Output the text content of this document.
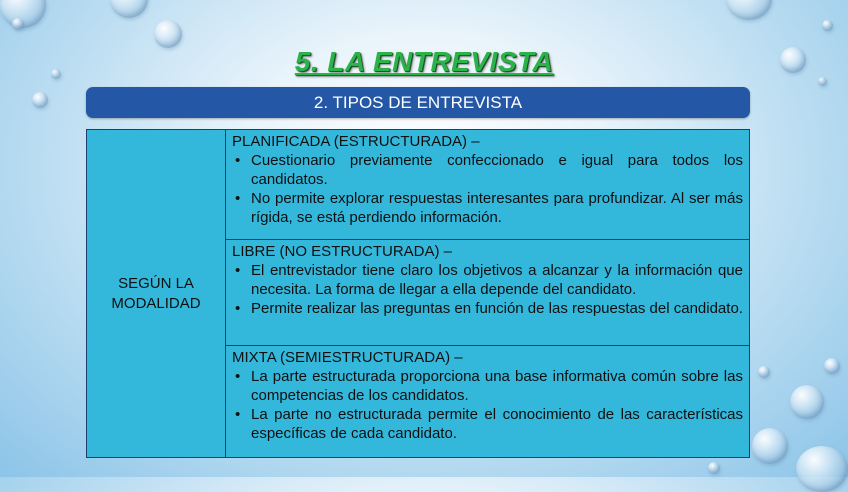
5. LA ENTREVISTA
2. TIPOS DE ENTREVISTA
SEGÚN LA MODALIDAD	
PLANIFICADA (ESTRUCTURADA) –
• Cuestionario previamente confeccionado e igual para todos los candidatos.
• No permite explorar respuestas interesantes para profundizar. Al ser más rígida, se está perdiendo información.

LIBRE (NO ESTRUCTURADA) –
• El entrevistador tiene claro los objetivos a alcanzar y la información que necesita. La forma de llegar a ella depende del candidato.
• Permite realizar las preguntas en función de las respuestas del candidato.

MIXTA (SEMIESTRUCTURADA) –
• La parte estructurada proporciona una base informativa común sobre las competencias de los candidatos.
• La parte no estructurada permite el conocimiento de las características específicas de cada candidato.
